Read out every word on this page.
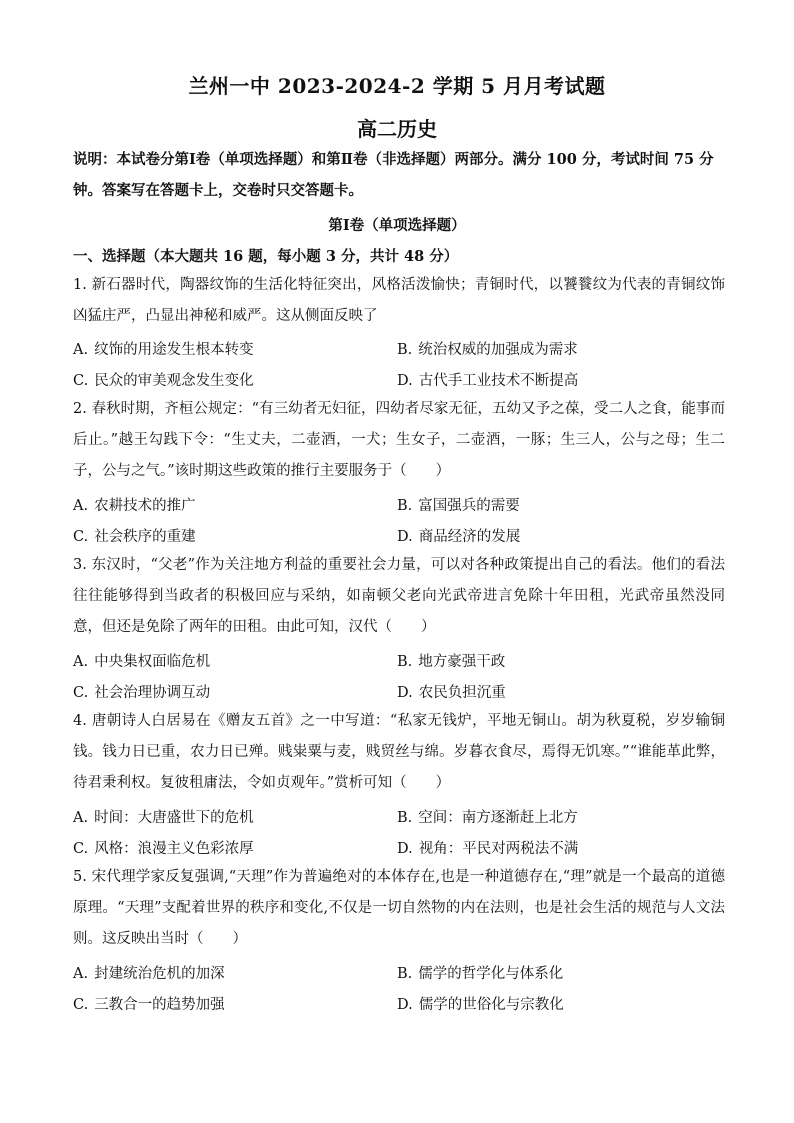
兰州一中 2023-2024-2 学期 5 月月考试题
高二历史
说明：本试卷分第Ⅰ卷（单项选择题）和第Ⅱ卷（非选择题）两部分。满分 100 分，考试时间 75 分钟。答案写在答题卡上，交卷时只交答题卡。
第Ⅰ卷（单项选择题）
一、选择题（本大题共 16 题，每小题 3 分，共计 48 分）
1. 新石器时代，陶器纹饰的生活化特征突出，风格活泼愉快；青铜时代，以饕餮纹为代表的青铜纹饰凶猛庄严，凸显出神秘和威严。这从侧面反映了
A. 纹饰的用途发生根本转变	B. 统治权威的加强成为需求
C. 民众的审美观念发生变化	D. 古代手工业技术不断提高
2. 春秋时期，齐桓公规定：“有三幼者无妇征，四幼者尽家无征，五幼又予之葆，受二人之食，能事而后止。”越王勾践下令：“生丈夫，二壶酒，一犬；生女子，二壶酒，一豚；生三人，公与之母；生二子，公与之气。”该时期这些政策的推行主要服务于（　　）
A. 农耕技术的推广	B. 富国强兵的需要
C. 社会秩序的重建	D. 商品经济的发展
3. 东汉时，“父老”作为关注地方利益的重要社会力量，可以对各种政策提出自己的看法。他们的看法往往能够得到当政者的积极回应与采纳，如南顿父老向光武帝进言免除十年田租，光武帝虽然没同意，但还是免除了两年的田租。由此可知，汉代（　　）
A. 中央集权面临危机	B. 地方豪强干政
C. 社会治理协调互动	D. 农民负担沉重
4. 唐朝诗人白居易在《赠友五首》之一中写道：“私家无钱炉，平地无铜山。胡为秋夏税，岁岁输铜钱。钱力日已重，农力日已殚。贱粜粟与麦，贱贸丝与绵。岁暮衣食尽，焉得无饥寒。”“谁能革此弊，待君秉利权。复彼租庸法，令如贞观年。”赏析可知（　　）
A. 时间：大唐盛世下的危机	B. 空间：南方逐渐赶上北方
C. 风格：浪漫主义色彩浓厚	D. 视角：平民对两税法不满
5. 宋代理学家反复强调,“天理”作为普遍绝对的本体存在,也是一种道德存在,“理”就是一个最高的道德原理。“天理”支配着世界的秩序和变化,不仅是一切自然物的内在法则，也是社会生活的规范与人文法则。这反映出当时（　　）
A. 封建统治危机的加深	B. 儒学的哲学化与体系化
C. 三教合一的趋势加强	D. 儒学的世俗化与宗教化
